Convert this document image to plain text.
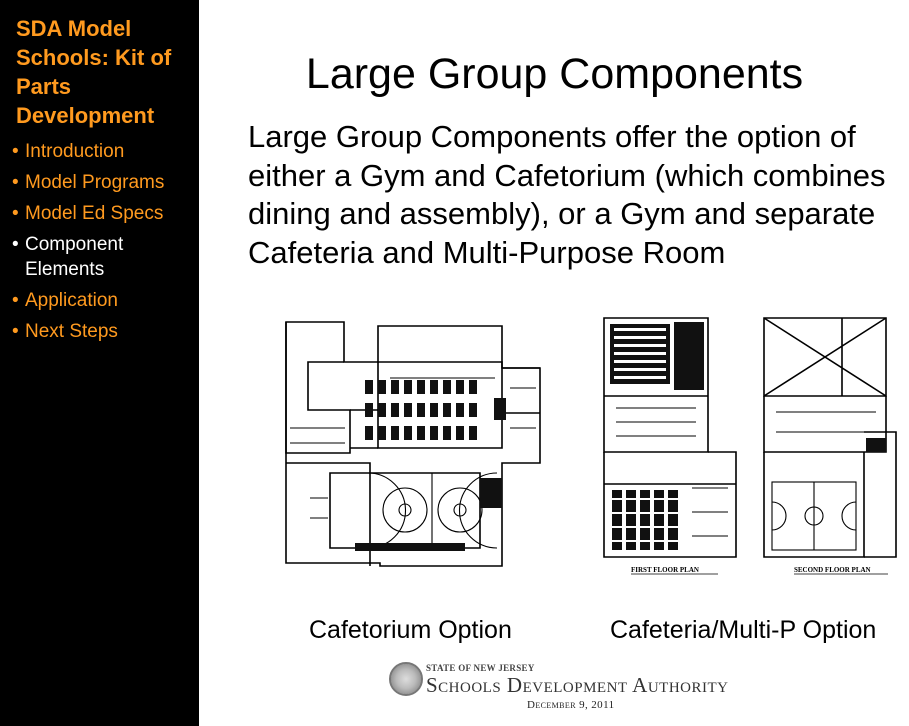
SDA Model Schools: Kit of Parts Development
• Introduction
• Model Programs
• Model Ed Specs
• Component Elements
• Application
• Next Steps
Large Group Components

Large Group Components offer the option of either a Gym and Cafetorium (which combines dining and assembly), or a Gym and separate Cafeteria and Multi-Purpose Room

FIRST FLOOR PLAN	SECOND FLOOR PLAN
Cafetorium Option	Cafeteria/Multi-P Option
STATE OF NEW JERSEY
Schools Development Authority
December 9, 2011
